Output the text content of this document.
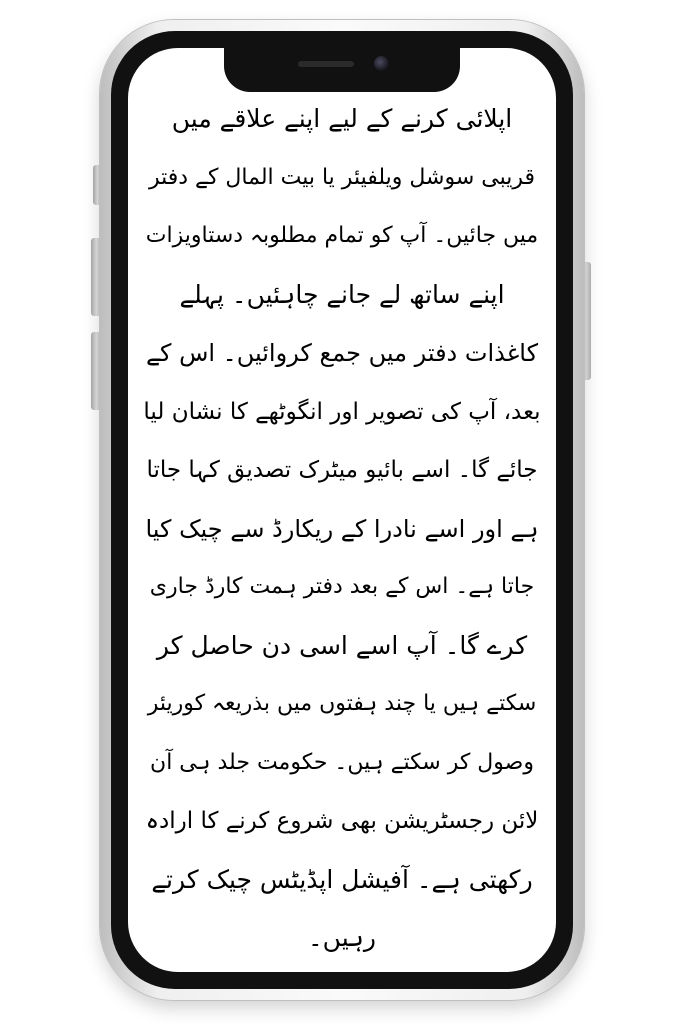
اپلائی کرنے کے لیے اپنے علاقے میں
قریبی سوشل ویلفیئر یا بیت المال کے دفتر
میں جائیں۔ آپ کو تمام مطلوبہ دستاویزات
اپنے ساتھ لے جانے چاہئیں۔ پہلے
کاغذات دفتر میں جمع کروائیں۔ اس کے
بعد، آپ کی تصویر اور انگوٹھے کا نشان لیا
جائے گا۔ اسے بائیو میٹرک تصدیق کہا جاتا
ہے اور اسے نادرا کے ریکارڈ سے چیک کیا
جاتا ہے۔ اس کے بعد دفتر ہمت کارڈ جاری
کرے گا۔ آپ اسے اسی دن حاصل کر
سکتے ہیں یا چند ہفتوں میں بذریعہ کوریئر
وصول کر سکتے ہیں۔ حکومت جلد ہی آن
لائن رجسٹریشن بھی شروع کرنے کا ارادہ
رکھتی ہے۔ آفیشل اپڈیٹس چیک کرتے
رہیں۔
